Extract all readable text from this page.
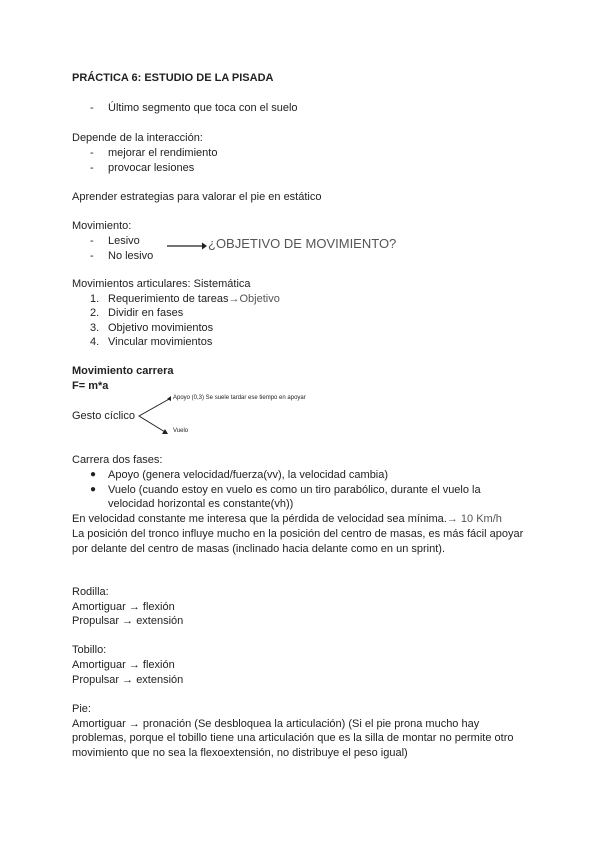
PRÁCTICA 6: ESTUDIO DE LA PISADA
- Último segmento que toca con el suelo
Depende de la interacción:
- mejorar el rendimiento
- provocar lesiones
Aprender estrategias para valorar el pie en estático
Movimiento:
- Lesivo
- No lesivo
¿OBJETIVO DE MOVIMIENTO?
Movimientos articulares: Sistemática
1. Requerimiento de tareas→Objetivo
2. Dividir en fases
3. Objetivo movimientos
4. Vincular movimientos
Movimiento carrera
F= m*a
Gesto cíclico
Apoyo (0,3) Se suele tardar ese tiempo en apoyar
Vuelo
Carrera dos fases:
● Apoyo (genera velocidad/fuerza(vv), la velocidad cambia)
● Vuelo (cuando estoy en vuelo es como un tiro parabólico, durante el vuelo la
velocidad horizontal es constante(vh))
En velocidad constante me interesa que la pérdida de velocidad sea mínima.→ 10 Km/h
La posición del tronco influye mucho en la posición del centro de masas, es más fácil apoyar
por delante del centro de masas (inclinado hacia delante como en un sprint).
Rodilla:
Amortiguar → flexión
Propulsar → extensión
Tobillo:
Amortiguar → flexión
Propulsar → extensión
Pie:
Amortiguar → pronación (Se desbloquea la articulación) (Si el pie prona mucho hay
problemas, porque el tobillo tiene una articulación que es la silla de montar no permite otro
movimiento que no sea la flexoextensión, no distribuye el peso igual)
